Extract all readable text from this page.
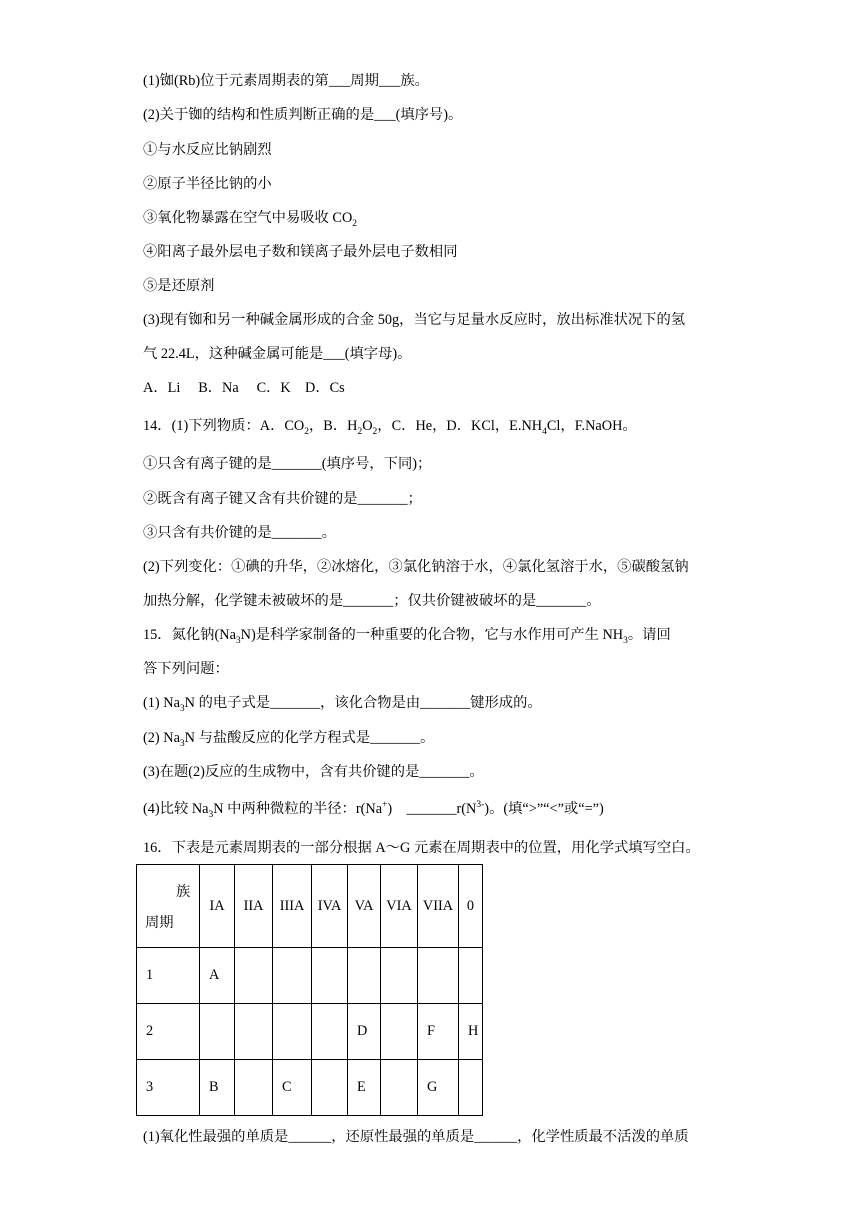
(1)铷(Rb)位于元素周期表的第___周期___族。
(2)关于铷的结构和性质判断正确的是___(填序号)。
①与水反应比钠剧烈
②原子半径比钠的小
③氧化物暴露在空气中易吸收 $CO_2$
④阳离子最外层电子数和镁离子最外层电子数相同
⑤是还原剂
(3)现有铷和另一种碱金属形成的合金 50g，当它与足量水反应时，放出标准状况下的氢
气 22.4L，这种碱金属可能是___(填字母)。
A．Li　 B．Na　 C．K　D．Cs
14．(1)下列物质：A．$CO_2$，B．$H_2O_2$，C．He，D．KCl，$E.NH_4Cl$，F.NaOH。
①只含有离子键的是_______(填序号，下同)；
②既含有离子键又含有共价键的是_______；
③只含有共价键的是_______。
(2)下列变化：①碘的升华，②冰熔化，③氯化钠溶于水，④氯化氢溶于水，⑤碳酸氢钠
加热分解，化学键未被破坏的是_______；仅共价键被破坏的是_______。
15．氮化钠$(Na_3N)$是科学家制备的一种重要的化合物，它与水作用可产生 $NH_3$。请回
答下列问题：
(1) $Na_3N$ 的电子式是_______，该化合物是由_______键形成的。
(2) $Na_3N$ 与盐酸反应的化学方程式是_______。
(3)在题(2)反应的生成物中，含有共价键的是_______。
(4)比较 $Na_3N$ 中两种微粒的半径：r(Na+)　 $\_\_\_\_\_\_\_r(N^{3-})$。(填“>”“<”或“=”)
16．下表是元素周期表的一部分根据 A～G 元素在周期表中的位置，用化学式填写空白。
族
周期	IA	IIA	IIIA	IVA	VA	VIA	VIIA	0
1	A							
2					D		F	H
3	B		C		E		G	
(1)氧化性最强的单质是______，还原性最强的单质是______，化学性质最不活泼的单质
